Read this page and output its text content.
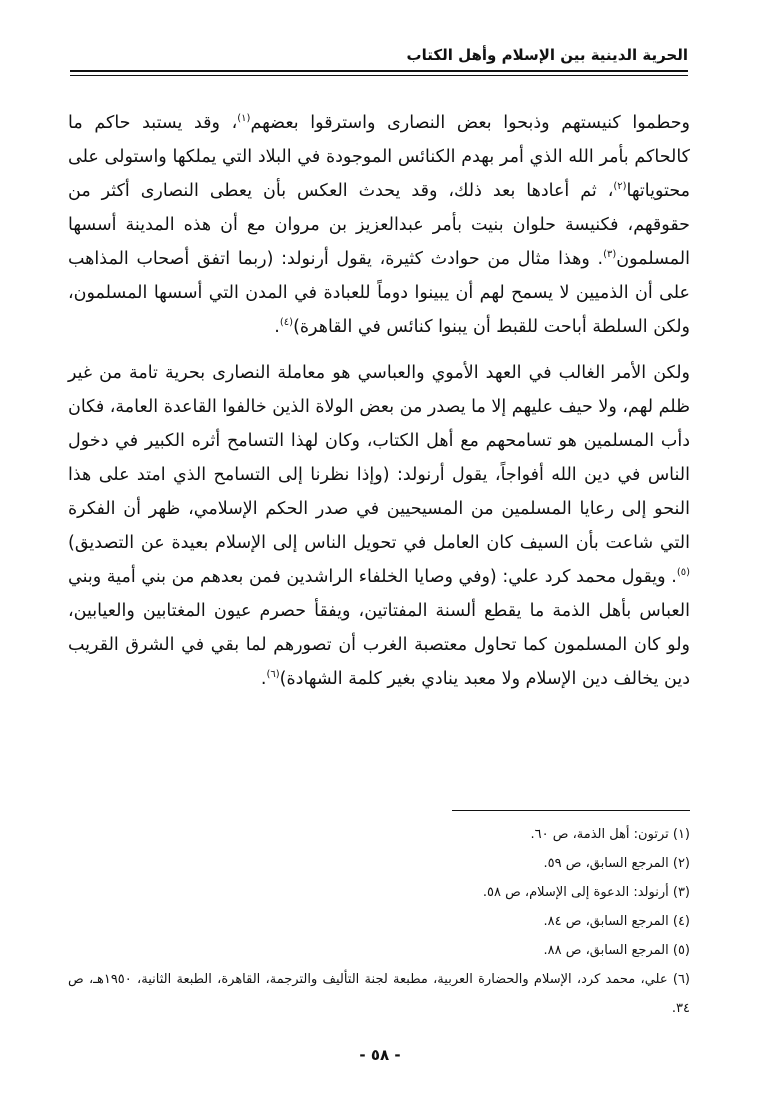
الحرية الدينية بين الإسلام وأهل الكتاب

وحطموا كنيستهم وذبحوا بعض النصارى واسترقوا بعضهم$^{(١)}$، وقد يستبد حاكم ما كالحاكم بأمر الله الذي أمر بهدم الكنائس الموجودة في البلاد التي يملكها واستولى على محتوياتها$^{(٢)}$، ثم أعادها بعد ذلك، وقد يحدث العكس بأن يعطى النصارى أكثر من حقوقهم، فكنيسة حلوان بنيت بأمر عبدالعزيز بن مروان مع أن هذه المدينة أسسها المسلمون$^{(٣)}$. وهذا مثال من حوادث كثيرة، يقول أرنولد: (ربما اتفق أصحاب المذاهب على أن الذميين لا يسمح لهم أن يبينوا دوماً للعبادة في المدن التي أسسها المسلمون، ولكن السلطة أباحت للقبط أن يبنوا كنائس في القاهرة)$^{(٤)}$.

ولكن الأمر الغالب في العهد الأموي والعباسي هو معاملة النصارى بحرية تامة من غير ظلم لهم، ولا حيف عليهم إلا ما يصدر من بعض الولاة الذين خالفوا القاعدة العامة، فكان دأب المسلمين هو تسامحهم مع أهل الكتاب، وكان لهذا التسامح أثره الكبير في دخول الناس في دين الله أفواجاً، يقول أرنولد: (وإذا نظرنا إلى التسامح الذي امتد على هذا النحو إلى رعايا المسلمين من المسيحيين في صدر الحكم الإسلامي، ظهر أن الفكرة التي شاعت بأن السيف كان العامل في تحويل الناس إلى الإسلام بعيدة عن التصديق)$^{(٥)}$. ويقول محمد كرد علي: (وفي وصايا الخلفاء الراشدين فمن بعدهم من بني أمية وبني العباس بأهل الذمة ما يقطع ألسنة المفتاتين، ويفقأ حصرم عيون المغتابين والعيابين، ولو كان المسلمون كما تحاول معتصبة الغرب أن تصورهم لما بقي في الشرق القريب دين يخالف دين الإسلام ولا معبد ينادي بغير كلمة الشهادة)$^{(٦)}$.

(١) ترتون: أهل الذمة، ص ٦٠.

(٢) المرجع السابق، ص ٥٩.

(٣) أرنولد: الدعوة إلى الإسلام، ص ٥٨.

(٤) المرجع السابق، ص ٨٤.

(٥) المرجع السابق، ص ٨٨.

(٦) علي، محمد كرد، الإسلام والحضارة العربية، مطبعة لجنة التأليف والترجمة، القاهرة، الطبعة الثانية، ١٩٥٠هـ، ص ٣٤.

- ٥٨ -
